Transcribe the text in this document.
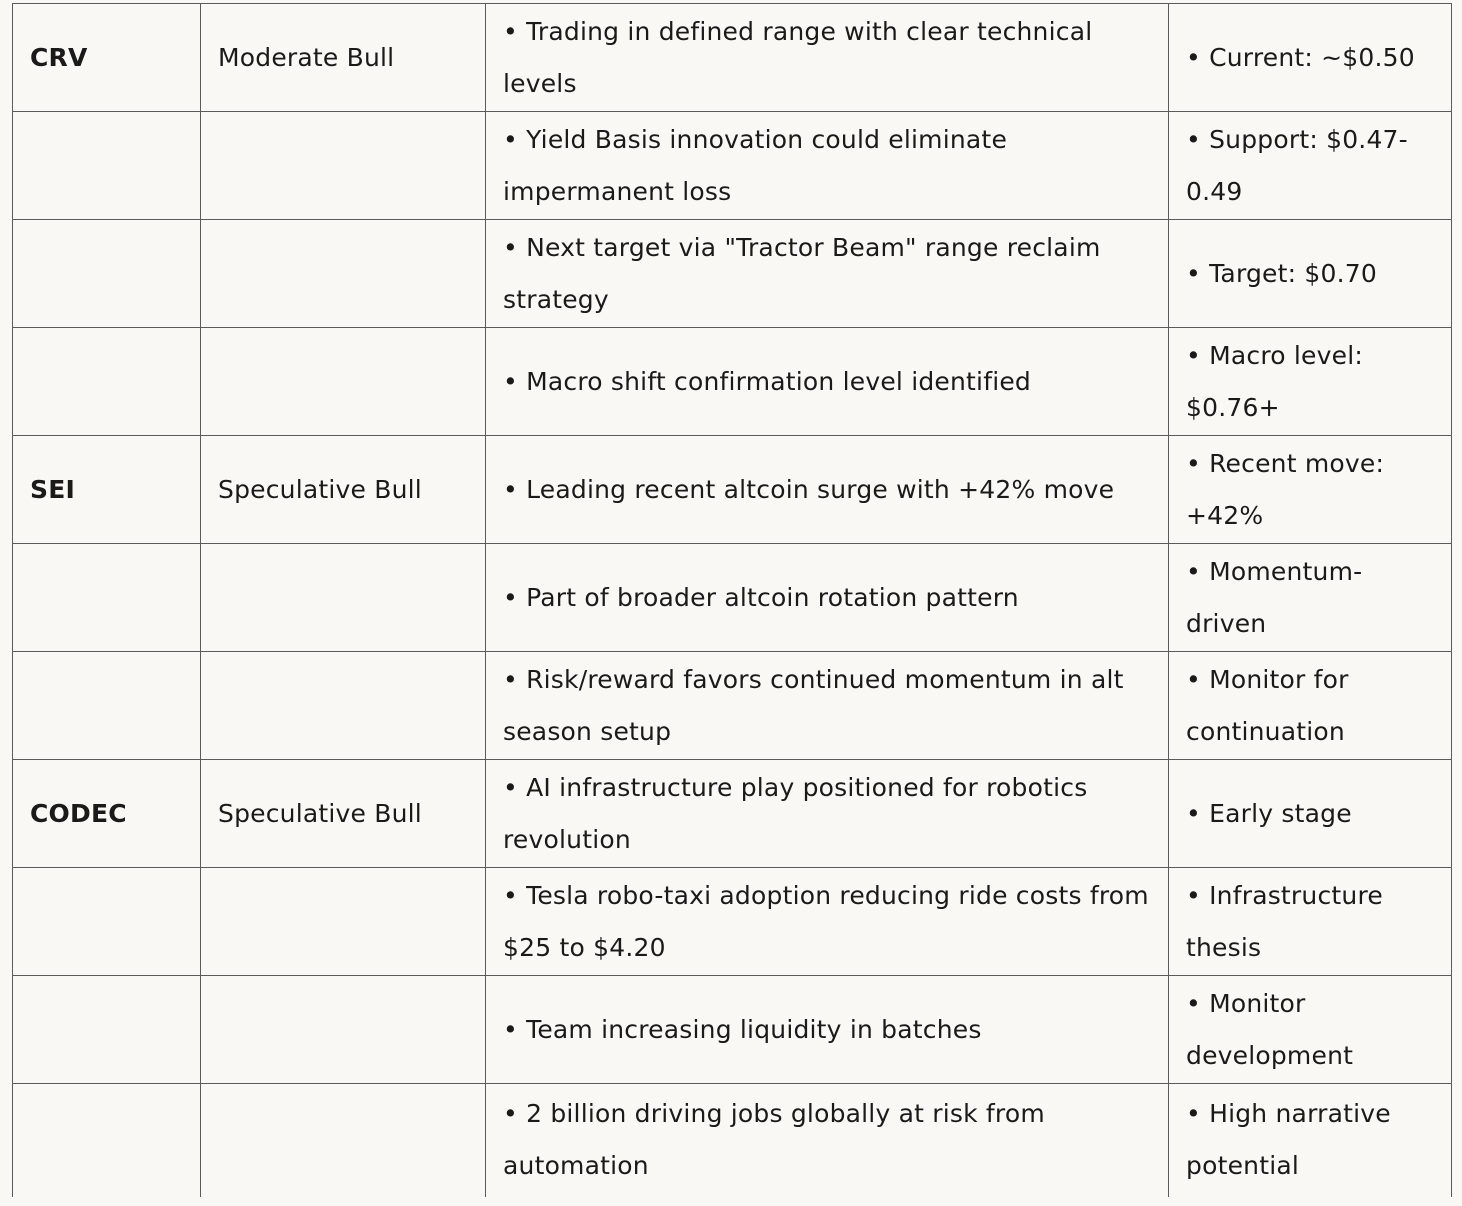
CRV	Moderate Bull	• Trading in defined range with clear technical levels	• Current: ~$0.50
		• Yield Basis innovation could eliminate impermanent loss	• Support: $0.47-0.49
		• Next target via "Tractor Beam" range reclaim strategy	• Target: $0.70
		• Macro shift confirmation level identified	• Macro level: $0.76+
SEI	Speculative Bull	• Leading recent altcoin surge with +42% move	• Recent move: +42%
		• Part of broader altcoin rotation pattern	• Momentum-driven
		• Risk/reward favors continued momentum in alt season setup	• Monitor for continuation
CODEC	Speculative Bull	• AI infrastructure play positioned for robotics revolution	• Early stage
		• Tesla robo-taxi adoption reducing ride costs from $25 to $4.20	• Infrastructure thesis
		• Team increasing liquidity in batches	• Monitor development
		• 2 billion driving jobs globally at risk from automation	• High narrative potential
